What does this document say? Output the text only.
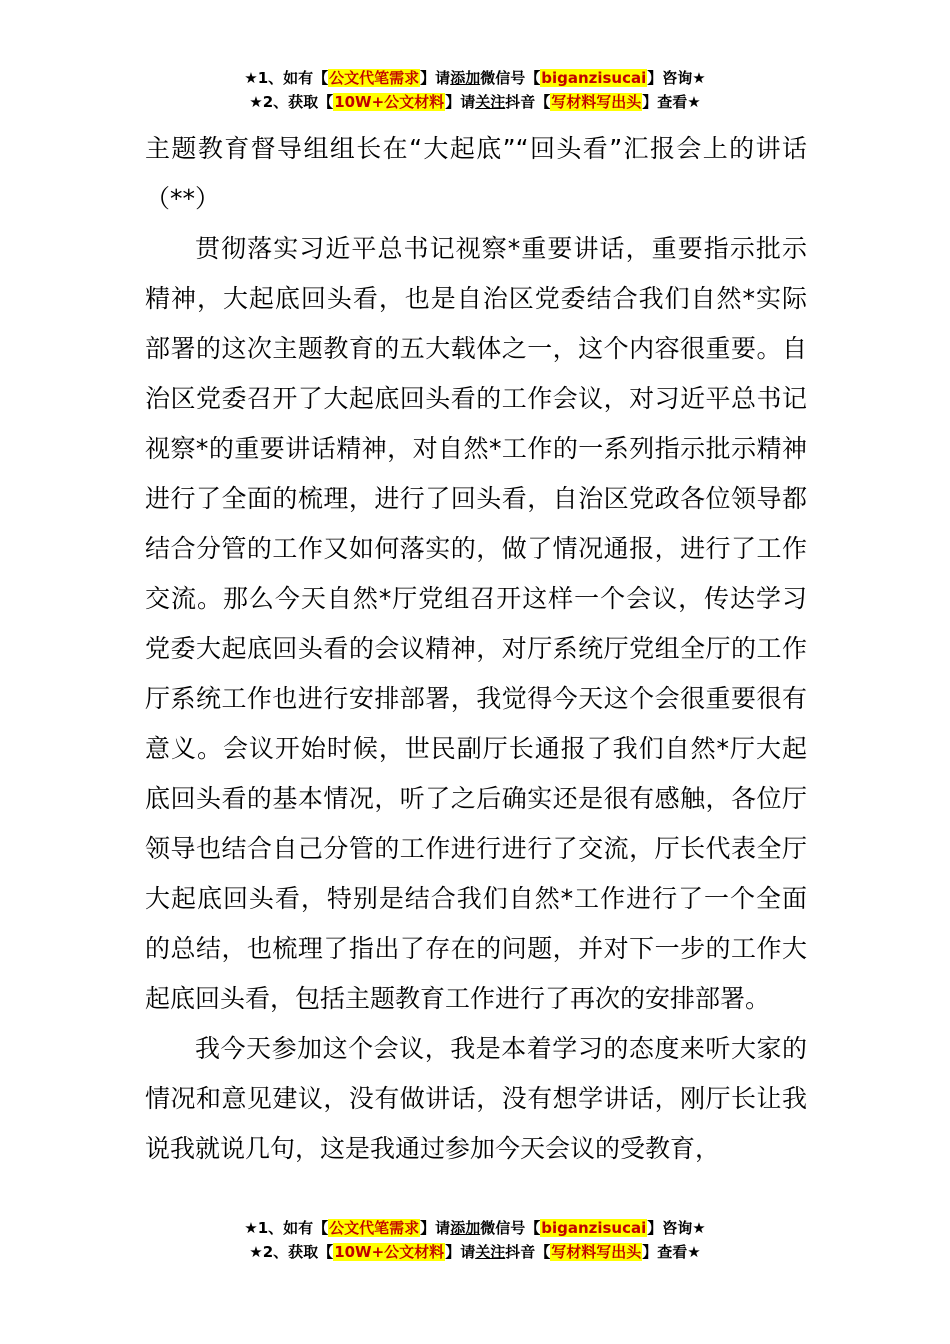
★1、如有【公文代笔需求】请添加微信号【biganzisucai】咨询★
★2、获取【10W+公文材料】请关注抖音【写材料写出头】查看★

主题教育督导组组长在“大起底”“回头看”汇报会上的讲话（**）

贯彻落实习近平总书记视察*重要讲话，重要指示批示精神，大起底回头看，也是自治区党委结合我们自然*实际部署的这次主题教育的五大载体之一，这个内容很重要。自治区党委召开了大起底回头看的工作会议，对习近平总书记视察*的重要讲话精神，对自然*工作的一系列指示批示精神进行了全面的梳理，进行了回头看，自治区党政各位领导都结合分管的工作又如何落实的，做了情况通报，进行了工作交流。那么今天自然*厅党组召开这样一个会议，传达学习党委大起底回头看的会议精神，对厅系统厅党组全厅的工作厅系统工作也进行安排部署，我觉得今天这个会很重要很有意义。会议开始时候，世民副厅长通报了我们自然*厅大起底回头看的基本情况，听了之后确实还是很有感触，各位厅领导也结合自己分管的工作进行进行了交流，厅长代表全厅大起底回头看，特别是结合我们自然*工作进行了一个全面的总结，也梳理了指出了存在的问题，并对下一步的工作大起底回头看，包括主题教育工作进行了再次的安排部署。

我今天参加这个会议，我是本着学习的态度来听大家的情况和意见建议，没有做讲话，没有想学讲话，刚厅长让我说我就说几句，这是我通过参加今天会议的受教育，

★1、如有【公文代笔需求】请添加微信号【biganzisucai】咨询★
★2、获取【10W+公文材料】请关注抖音【写材料写出头】查看★
